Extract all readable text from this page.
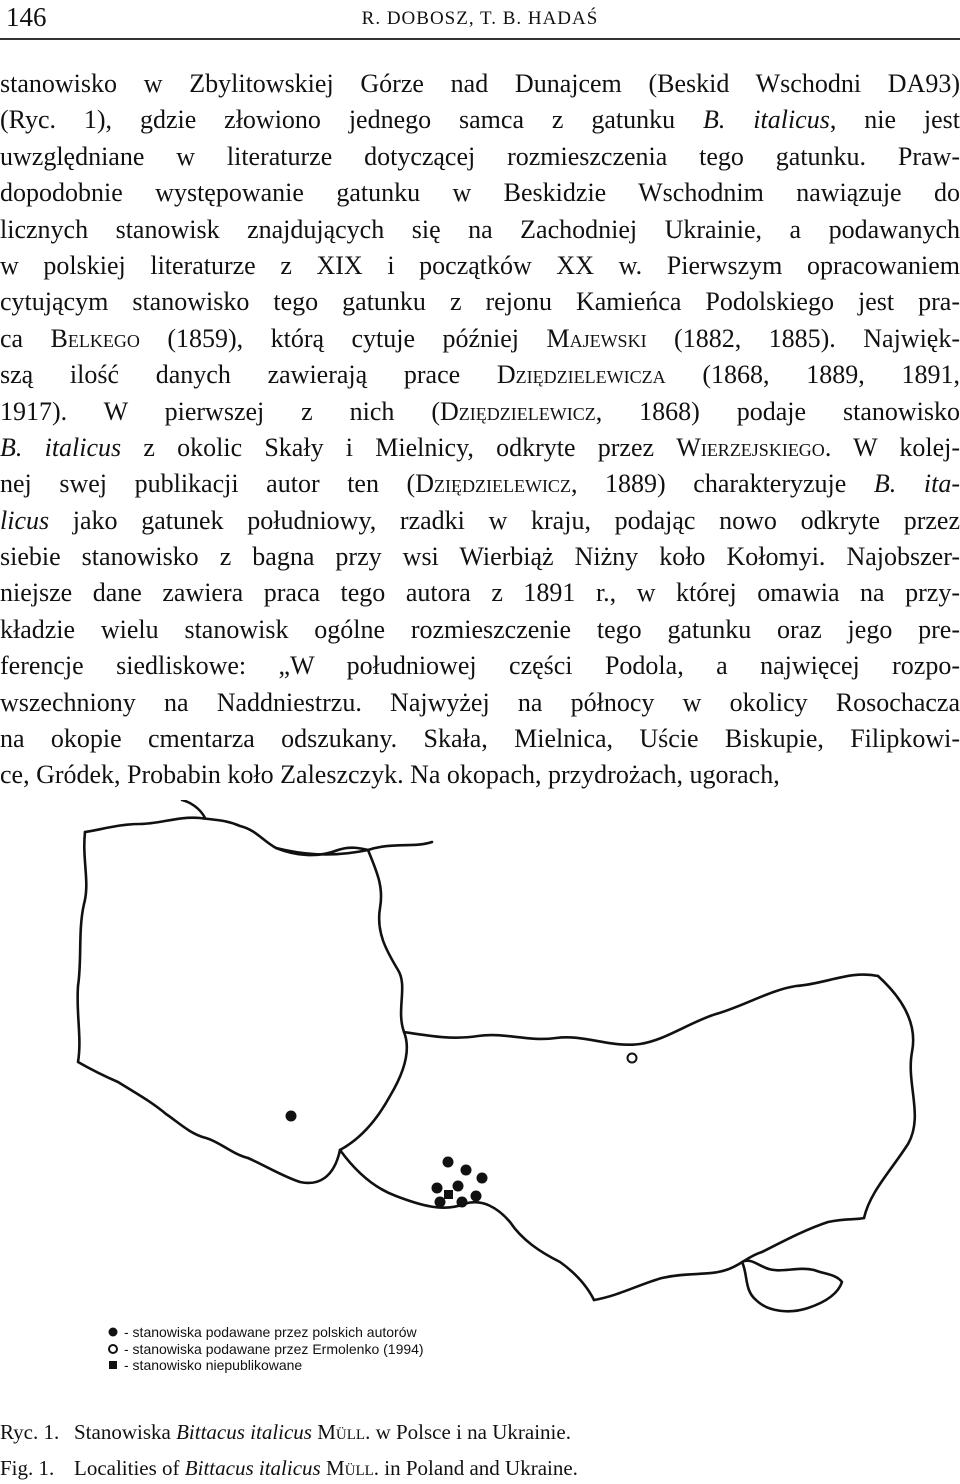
146	R. DOBOSZ, T. B. HADAŚ
stanowisko w Zbylitowskiej Górze nad Dunajcem (Beskid Wschodni DA93)
(Ryc. 1), gdzie złowiono jednego samca z gatunku B. italicus, nie jest
uwzględniane w literaturze dotyczącej rozmieszczenia tego gatunku. Praw-
dopodobnie występowanie gatunku w Beskidzie Wschodnim nawiązuje do
licznych stanowisk znajdujących się na Zachodniej Ukrainie, a podawanych
w polskiej literaturze z XIX i początków XX w. Pierwszym opracowaniem
cytującym stanowisko tego gatunku z rejonu Kamieńca Podolskiego jest pra-
ca Belkego (1859), którą cytuje później Majewski (1882, 1885). Najwięk-
szą ilość danych zawierają prace Dziędzielewicza (1868, 1889, 1891,
1917). W pierwszej z nich (Dziędzielewicz, 1868) podaje stanowisko
B. italicus z okolic Skały i Mielnicy, odkryte przez Wierzejskiego. W kolej-
nej swej publikacji autor ten (Dziędzielewicz, 1889) charakteryzuje B. ita-
licus jako gatunek południowy, rzadki w kraju, podając nowo odkryte przez
siebie stanowisko z bagna przy wsi Wierbiąż Niżny koło Kołomyi. Najobszer-
niejsze dane zawiera praca tego autora z 1891 r., w której omawia na przy-
kładzie wielu stanowisk ogólne rozmieszczenie tego gatunku oraz jego pre-
ferencje siedliskowe: „W południowej części Podola, a najwięcej rozpo-
wszechniony na Naddniestrzu. Najwyżej na północy w okolicy Rosochacza
na okopie cmentarza odszukany. Skała, Mielnica, Uście Biskupie, Filipkowi-
ce, Gródek, Probabin koło Zaleszczyk. Na okopach, przydrożach, ugorach,
- stanowiska podawane przez polskich autorów
- stanowiska podawane przez Ermolenko (1994)
- stanowisko niepublikowane
Ryc. 1. Stanowiska Bittacus italicus Müll. w Polsce i na Ukrainie.
Fig. 1. Localities of Bittacus italicus Müll. in Poland and Ukraine.
